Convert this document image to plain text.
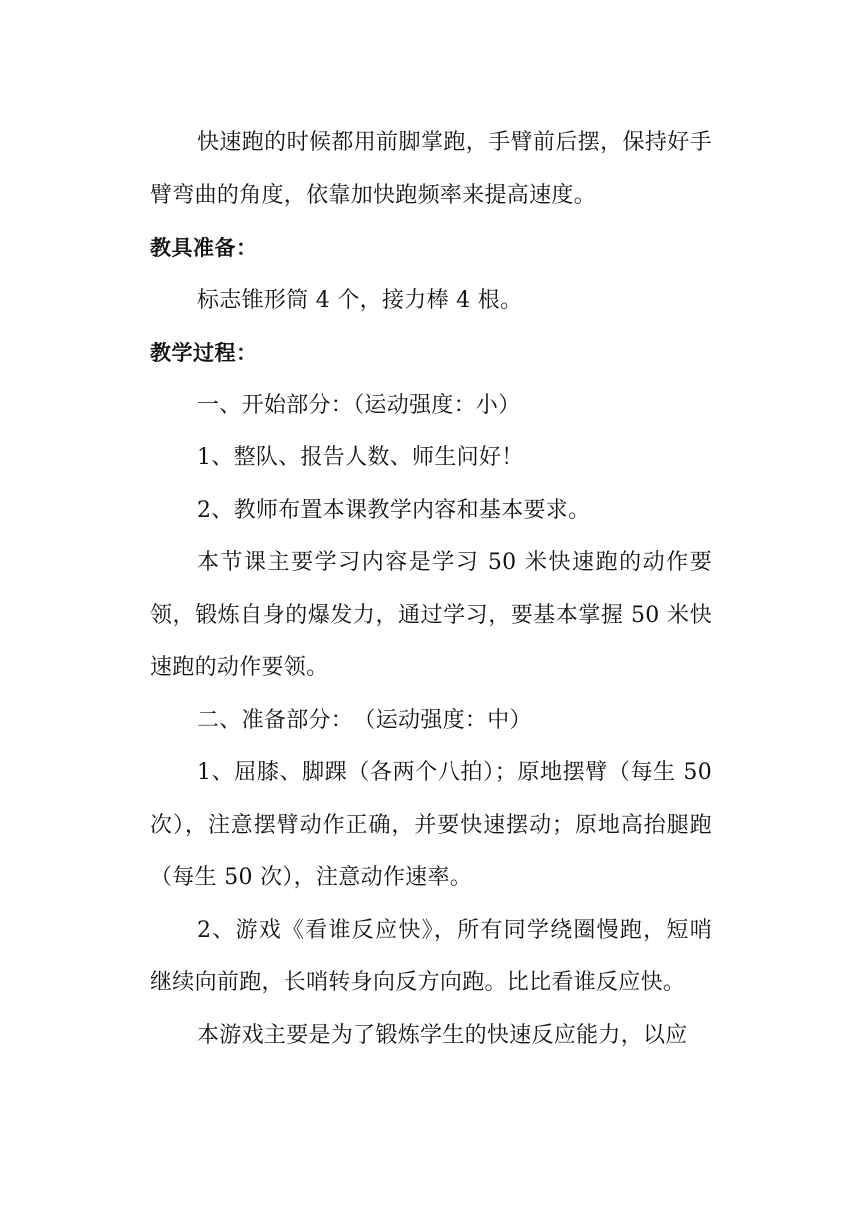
快速跑的时候都用前脚掌跑，手臂前后摆，保持好手臂弯曲的角度，依靠加快跑频率来提高速度。

教具准备：

标志锥形筒 4 个，接力棒 4 根。

教学过程：

一、开始部分：（运动强度：小）

1、整队、报告人数、师生问好！

2、教师布置本课教学内容和基本要求。

本节课主要学习内容是学习 50 米快速跑的动作要领，锻炼自身的爆发力，通过学习，要基本掌握 50 米快速跑的动作要领。

二、准备部分：　（运动强度：中）

1、屈膝、脚踝（各两个八拍）；原地摆臂（每生 50 次），注意摆臂动作正确，并要快速摆动；原地高抬腿跑（每生 50 次），注意动作速率。

2、游戏《看谁反应快》，所有同学绕圈慢跑，短哨继续向前跑，长哨转身向反方向跑。比比看谁反应快。

本游戏主要是为了锻炼学生的快速反应能力，以应
